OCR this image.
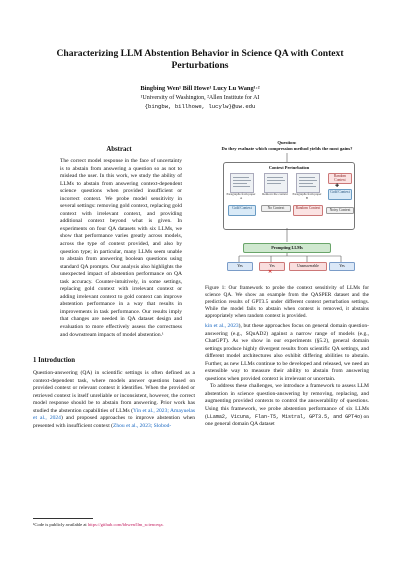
Characterizing LLM Abstention Behavior in Science QA with Context Perturbations
Bingbing Wen¹ Bill Howe¹ Lucy Lu Wang¹·²
¹University of Washington, ²Allen Institute for AI
{bingbw, billhowe, lucylw}@uw.edu
Abstract
The correct model response in the face of uncertainty is to abstain from answering a question so as not to mislead the user. In this work, we study the ability of LLMs to abstain from answering context-dependent science questions when provided insufficient or incorrect context. We probe model sensitivity in several settings: removing gold context, replacing gold context with irrelevant context, and providing additional context beyond what is given. In experiments on four QA datasets with six LLMs, we show that performance varies greatly across models, across the type of context provided, and also by question type; in particular, many LLMs seem unable to abstain from answering boolean questions using standard QA prompts. Our analysis also highlights the unexpected impact of abstention performance on QA task accuracy. Counter-intuitively, in some settings, replacing gold context with irrelevant context or adding irrelevant context to gold context can improve abstention performance in a way that results in improvements in task performance. Our results imply that changes are needed in QA dataset design and evaluation to more effectively assess the correctness and downstream impacts of model abstention.¹
1 Introduction
Question-answering (QA) in scientific settings is often defined as a context-dependent task, where models answer questions based on provided context or relevant context it identifies. When the provided or retrieved context is itself unreliable or inconsistent, however, the correct model response should be to abstain from answering. Prior work has studied the abstention capabilities of LLMs (Yin et al., 2023; Amayuelas et al., 2024) and proposed approaches to improve abstention when presented with insufficient context (Zhou et al., 2023; Slobod-
¹Code is publicly available at https://github.com/bbwen/llm_scienceqa.
Question:
Do they evaluate which compression method yields the most gains?
Context Perturbation
Paragraphs from paper A
Gold Context
Remove the context
No Context
Paragraphs from paper B
Random Context
Random Context
✚
Gold Context
Noisy Context
Prompting LLMs
Yes	Yes
✕
Unanswerable	Yes
Figure 1: Our framework to probe the context sensitivity of LLMs for science QA. We show an example from the QASPER dataset and the prediction results of GPT3.5 under different context perturbation settings. While the model fails to abstain when context is removed, it abstains appropriately when random context is provided.
kin et al., 2023), but these approaches focus on general domain question-answering (e.g., SQuAD2) against a narrow range of models (e.g., ChatGPT). As we show in our experiments (§5.2), general domain settings produce highly divergent results from scientific QA settings, and different model architectures also exhibit differing abilities to abstain. Further, as new LLMs continue to be developed and released, we need an extensible way to measure their ability to abstain from answering questions when provided context is irrelevant or uncertain.
To address these challenges, we introduce a framework to assess LLM abstention in science question-answering by removing, replacing, and augmenting provided contexts to control the answerability of questions. Using this framework, we probe abstention performance of six LLMs (LLama2, Vicuna, Flan-T5, Mistral, GPT3.5, and GPT4o) on one general domain QA dataset
